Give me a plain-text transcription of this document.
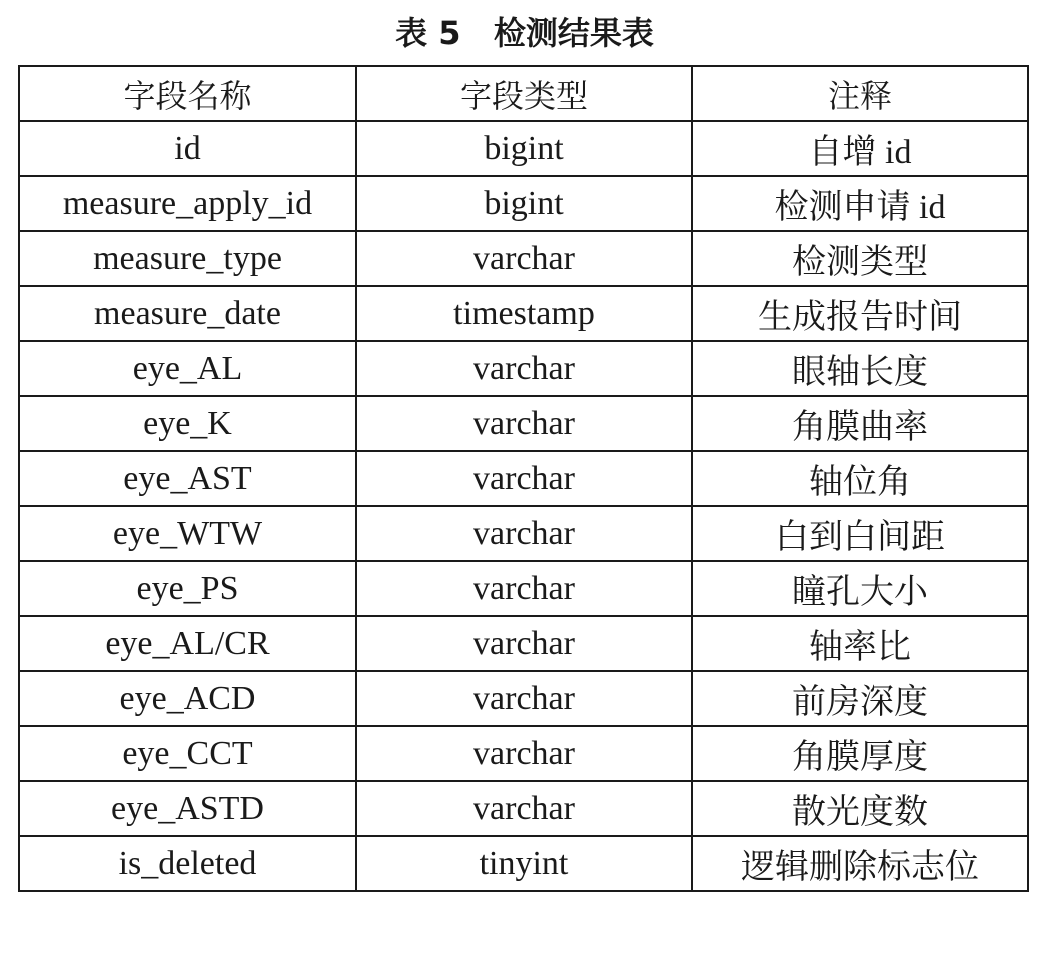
表 5 检测结果表
字段名称	字段类型	注释
id	bigint	自增 id
measure_apply_id	bigint	检测申请 id
measure_type	varchar	检测类型
measure_date	timestamp	生成报告时间
eye_AL	varchar	眼轴长度
eye_K	varchar	角膜曲率
eye_AST	varchar	轴位角
eye_WTW	varchar	白到白间距
eye_PS	varchar	瞳孔大小
eye_AL/CR	varchar	轴率比
eye_ACD	varchar	前房深度
eye_CCT	varchar	角膜厚度
eye_ASTD	varchar	散光度数
is_deleted	tinyint	逻辑删除标志位
